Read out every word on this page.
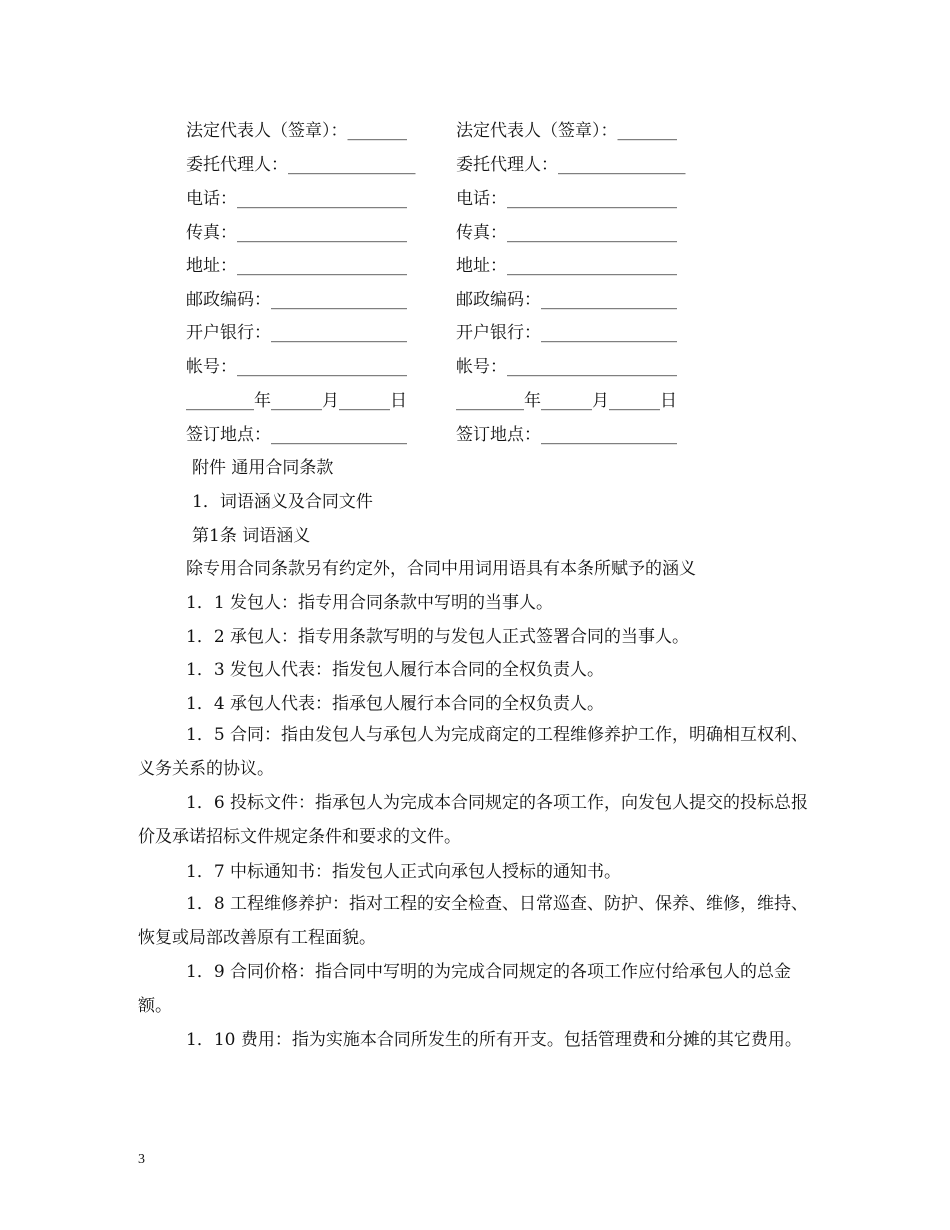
法定代表人（签章）：_______
委托代理人：_______________
电话：____________________
传真：____________________
地址：____________________
邮政编码：________________
开户银行：________________
帐号：____________________
________年______月______日
签订地点：________________
法定代表人（签章）：_______
委托代理人：_______________
电话：____________________
传真：____________________
地址：____________________
邮政编码：________________
开户银行：________________
帐号：____________________
________年______月______日
签订地点：________________
附件 通用合同条款
1．词语涵义及合同文件
第1条 词语涵义
除专用合同条款另有约定外，合同中用词用语具有本条所赋予的涵义
1．1 发包人：指专用合同条款中写明的当事人。
1．2 承包人：指专用条款写明的与发包人正式签署合同的当事人。
1．3 发包人代表：指发包人履行本合同的全权负责人。
1．4 承包人代表：指承包人履行本合同的全权负责人。
1．5 合同：指由发包人与承包人为完成商定的工程维修养护工作，明确相互权利、义务关系的协议。
1．6 投标文件：指承包人为完成本合同规定的各项工作，向发包人提交的投标总报价及承诺招标文件规定条件和要求的文件。
1．7 中标通知书：指发包人正式向承包人授标的通知书。
1．8 工程维修养护：指对工程的安全检查、日常巡查、防护、保养、维修，维持、恢复或局部改善原有工程面貌。
1．9 合同价格：指合同中写明的为完成合同规定的各项工作应付给承包人的总金额。
1．10 费用：指为实施本合同所发生的所有开支。包括管理费和分摊的其它费用。
3
